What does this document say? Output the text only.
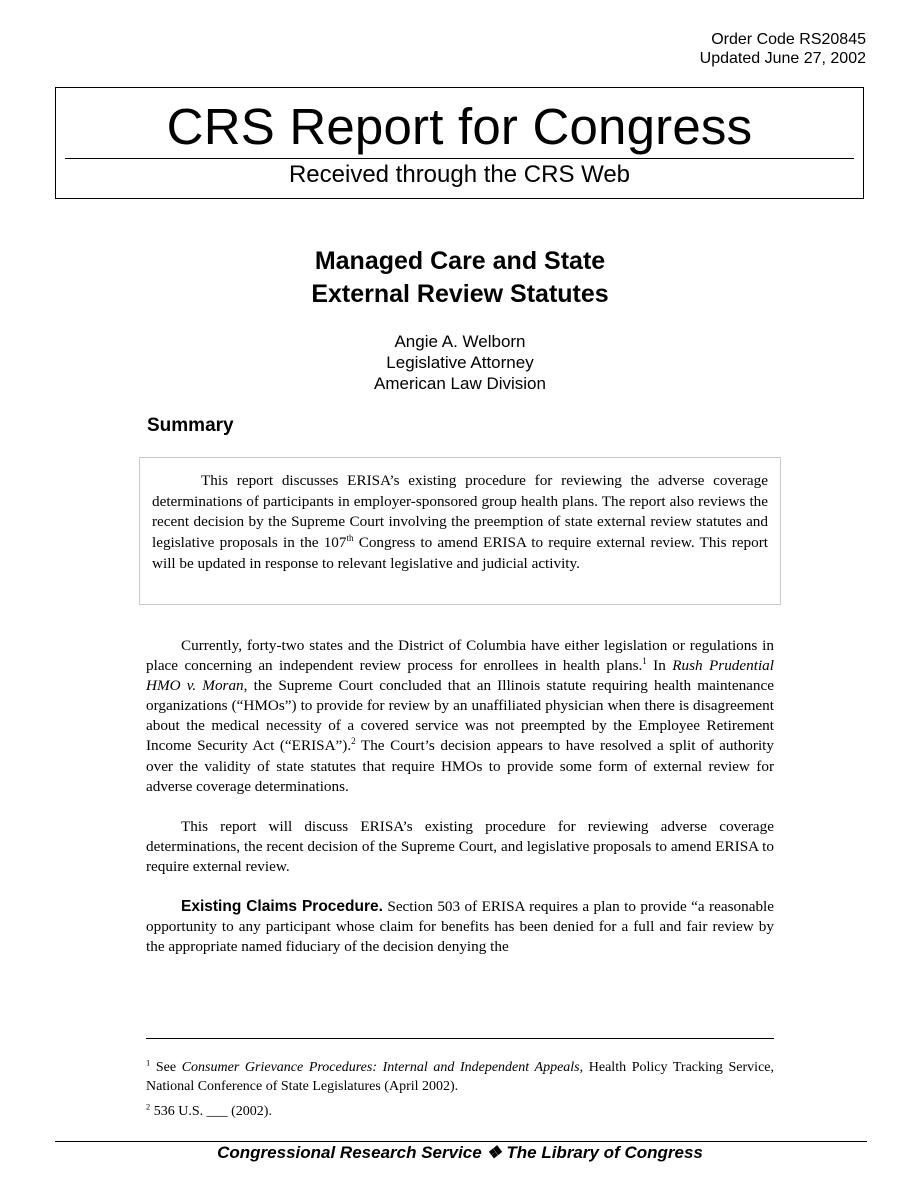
Order Code RS20845
Updated June 27, 2002
CRS Report for Congress
Received through the CRS Web
Managed Care and State
External Review Statutes
Angie A. Welborn
Legislative Attorney
American Law Division
Summary

This report discusses ERISA’s existing procedure for reviewing the adverse coverage determinations of participants in employer-sponsored group health plans. The report also reviews the recent decision by the Supreme Court involving the preemption of state external review statutes and legislative proposals in the 107th Congress to amend ERISA to require external review. This report will be updated in response to relevant legislative and judicial activity.

Currently, forty-two states and the District of Columbia have either legislation or regulations in place concerning an independent review process for enrollees in health plans.$^1$ In Rush Prudential HMO v. Moran, the Supreme Court concluded that an Illinois statute requiring health maintenance organizations (“HMOs”) to provide for review by an unaffiliated physician when there is disagreement about the medical necessity of a covered service was not preempted by the Employee Retirement Income Security Act (“ERISA”).$^2$ The Court’s decision appears to have resolved a split of authority over the validity of state statutes that require HMOs to provide some form of external review for adverse coverage determinations.

This report will discuss ERISA’s existing procedure for reviewing adverse coverage determinations, the recent decision of the Supreme Court, and legislative proposals to amend ERISA to require external review.

Existing Claims Procedure. Section 503 of ERISA requires a plan to provide “a reasonable opportunity to any participant whose claim for benefits has been denied for a full and fair review by the appropriate named fiduciary of the decision denying the

$^1$ See Consumer Grievance Procedures: Internal and Independent Appeals, Health Policy Tracking Service, National Conference of State Legislatures (April 2002).

$^2$ 536 U.S. ___ (2002).

Congressional Research Service ❖ The Library of Congress
